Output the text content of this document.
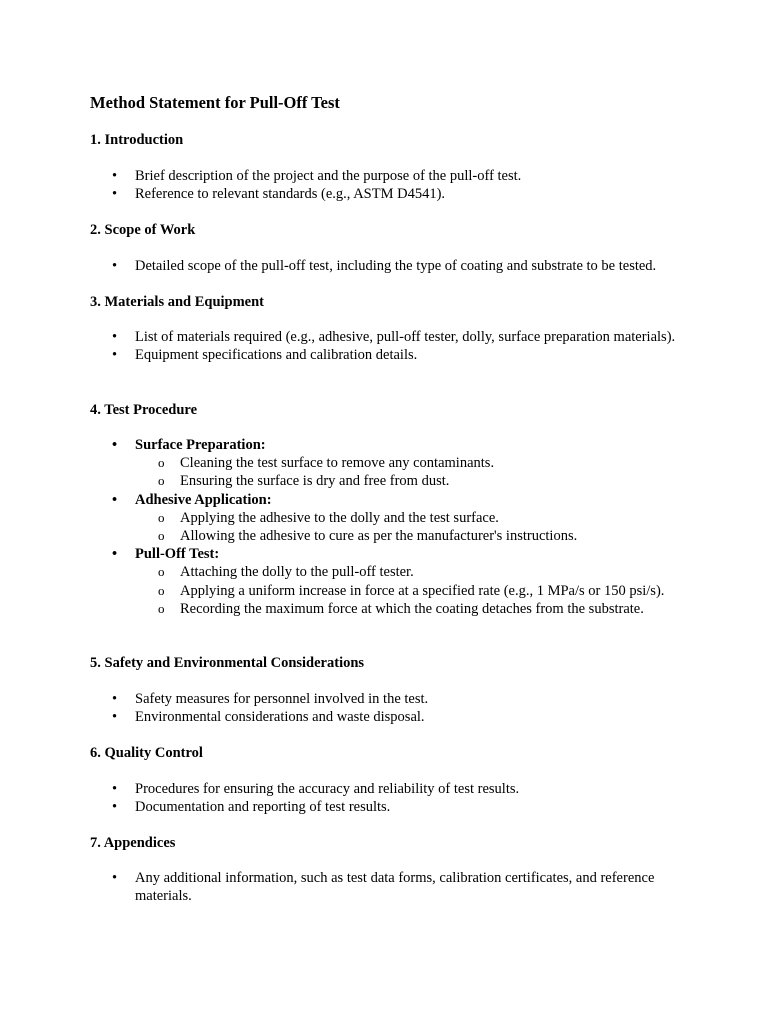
Method Statement for Pull-Off Test
1. Introduction
•	Brief description of the project and the purpose of the pull-off test.
•	Reference to relevant standards (e.g., ASTM D4541).
2. Scope of Work
•	Detailed scope of the pull-off test, including the type of coating and substrate to be tested.
3. Materials and Equipment
•	List of materials required (e.g., adhesive, pull-off tester, dolly, surface preparation materials).
•	Equipment specifications and calibration details.
4. Test Procedure
•	Surface Preparation:
o Cleaning the test surface to remove any contaminants.
o Ensuring the surface is dry and free from dust.
•	Adhesive Application:
o Applying the adhesive to the dolly and the test surface.
o Allowing the adhesive to cure as per the manufacturer's instructions.
•	Pull-Off Test:
o Attaching the dolly to the pull-off tester.
o Applying a uniform increase in force at a specified rate (e.g., 1 MPa/s or 150 psi/s).
o Recording the maximum force at which the coating detaches from the substrate.
5. Safety and Environmental Considerations
•	Safety measures for personnel involved in the test.
•	Environmental considerations and waste disposal.
6. Quality Control
•	Procedures for ensuring the accuracy and reliability of test results.
•	Documentation and reporting of test results.
7. Appendices
•	Any additional information, such as test data forms, calibration certificates, and reference materials.
